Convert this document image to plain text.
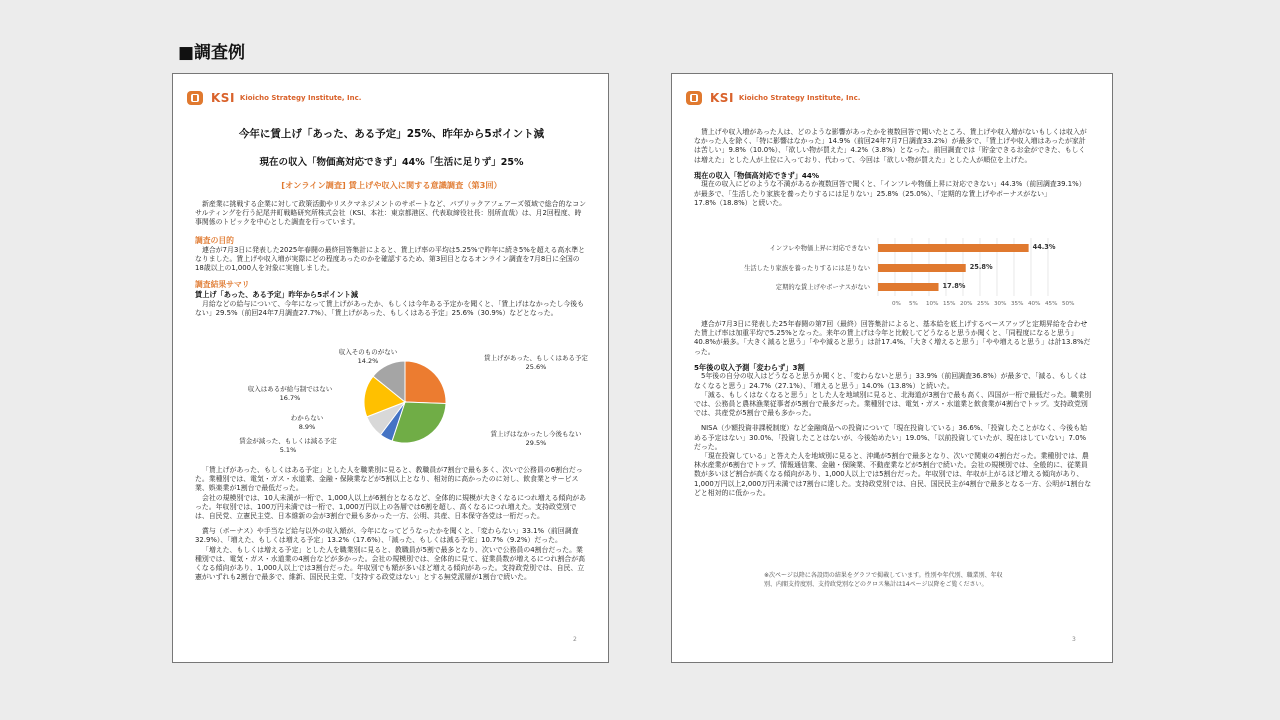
■調査例
KSI Kioicho Strategy Institute, Inc.
今年に賃上げ「あった、ある予定」25%、昨年から5ポイント減
現在の収入「物価高対応できず」44%「生活に足りず」25%
[オンライン調査] 賃上げや収入に関する意識調査（第3回）

新産業に挑戦する企業に対して政策活動やリスクマネジメントのサポートなど、パブリックアフェアーズ領域で総合的なコンサルティングを行う紀尾井町戦略研究所株式会社（KSI、本社：東京都港区、代表取締役社長：別所直哉）は、月2回程度、時事関係のトピックを中心とした調査を行っています。

調査の目的

連合が7月3日に発表した2025年春闘の最終回答集計によると、賃上げ率の平均は5.25%で昨年に続き5%を超える高水準となりました。賃上げや収入増が実際にどの程度あったのかを確認するため、第3回目となるオンライン調査を7月8日に全国の18歳以上の1,000人を対象に実施しました。

調査結果サマリ
賃上げ「あった、ある予定」昨年から5ポイント減

月給などの給与について、今年になって賃上げがあったか、もしくは今年ある予定かを聞くと、「賃上げはなかったし今後もない」29.5%（前回24年7月調査27.7%）、「賃上げがあった、もしくはある予定」25.6%（30.9%）などとなった。

賃上げがあった、もしくはある予定
25.6%
賃上げはなかったし今後もない
29.5%
賃金が減った、もしくは減る予定
5.1%
わからない
8.9%
収入はあるが給与制ではない
16.7%
収入そのものがない
14.2%

「賃上げがあった、もしくはある予定」とした人を職業別に見ると、教職員が7割台で最も多く、次いで公務員の6割台だった。業種別では、電気・ガス・水道業、金融・保険業などが5割以上となり、相対的に高かったのに対し、飲食業とサービス業、娯楽業が1割台で最低だった。

会社の規模別では、10人未満が一桁で、1,000人以上が6割台となるなど、全体的に規模が大きくなるにつれ増える傾向があった。年収別では、100万円未満では一桁で、1,000万円以上の各層では6割を超し、高くなるにつれ増えた。支持政党別では、自民党、立憲民主党、日本維新の会が3割台で最も多かった一方、公明、共産、日本保守各党は一桁だった。

賞与（ボーナス）や手当など給与以外の収入額が、今年になってどうなったかを聞くと、「変わらない」33.1%（前回調査32.9%）、「増えた、もしくは増える予定」13.2%（17.6%）、「減った、もしくは減る予定」10.7%（9.2%）だった。

「増えた、もしくは増える予定」とした人を職業別に見ると、教職員が5割で最多となり、次いで公務員の4割台だった。業種別では、電気・ガス・水道業の4割台などが多かった。会社の規模別では、全体的に見て、従業員数が増えるにつれ割合が高くなる傾向があり、1,000人以上では3割台だった。年収別でも額が多いほど増える傾向があった。支持政党別では、自民、立憲がいずれも2割台で最多で、維新、国民民主党、「支持する政党はない」とする無党派層が1割台で続いた。

2
KSI Kioicho Strategy Institute, Inc.

賃上げや収入増があった人は、どのような影響があったかを複数回答で聞いたところ、賃上げや収入増がないもしくは収入がなかった人を除く、「特に影響はなかった」14.9%（前回24年7月7日調査33.2%）が最多で、「賃上げや収入増はあったが家計は苦しい」9.8%（10.0%）、「欲しい物が買えた」4.2%（3.8%）となった。前回調査では「貯金できるお金ができた、もしくは増えた」とした人が上位に入っており、代わって、今回は「欲しい物が買えた」とした人が順位を上げた。

現在の収入「物価高対応できず」44%

現在の収入にどのような不満があるか複数回答で聞くと、「インフレや物価上昇に対応できない」44.3%（前回調査39.1%）が最多で、「生活したり家族を養ったりするには足りない」25.8%（25.0%）、「定期的な賃上げやボーナスがない」17.8%（18.8%）と続いた。

インフレや物価上昇に対応できない
生活したり家族を養ったりするには足りない
定期的な賃上げやボーナスがない
44.3%
25.8%
17.8%
0% 5% 10% 15% 20% 25% 30% 35% 40% 45% 50%

連合が7月3日に発表した25年春闘の第7回（最終）回答集計によると、基本給を底上げするベースアップと定期昇給を合わせた賃上げ率は加重平均で5.25%となった。来年の賃上げは今年と比較してどうなると思うか聞くと、「同程度になると思う」40.8%が最多。「大きく減ると思う」「やや減ると思う」は計17.4%、「大きく増えると思う」「やや増えると思う」は計13.8%だった。

5年後の収入予測「変わらず」3割

5年後の自分の収入はどうなると思うか聞くと、「変わらないと思う」33.9%（前回調査36.8%）が最多で、「減る、もしくはなくなると思う」24.7%（27.1%）、「増えると思う」14.0%（13.8%）と続いた。

「減る、もしくはなくなると思う」とした人を地域別に見ると、北海道が3割台で最も高く、四国が一桁で最低だった。職業別では、公務員と農林漁業従事者が5割台で最多だった。業種別では、電気・ガス・水道業と飲食業が4割台でトップ。支持政党別では、共産党が5割台で最も多かった。

NISA（少額投資非課税制度）など金融商品への投資について「現在投資している」36.6%、「投資したことがなく、今後も始める予定はない」30.0%、「投資したことはないが、今後始めたい」19.0%、「以前投資していたが、現在はしていない」7.0%だった。

「現在投資している」と答えた人を地域別に見ると、沖縄が5割台で最多となり、次いで関東の4割台だった。業種別では、農林水産業が6割台でトップ、情報通信業、金融・保険業、不動産業などが5割台で続いた。会社の規模別では、全般的に、従業員数が多いほど割合が高くなる傾向があり、1,000人以上では5割台だった。年収別では、年収が上がるほど増える傾向があり、1,000万円以上2,000万円未満では7割台に達した。支持政党別では、自民、国民民主が4割台で最多となる一方、公明が1割台などと相対的に低かった。

※次ページ以降に各設問の結果をグラフで掲載しています。性別や年代別、職業別、年収別、内閣支持度別、支持政党別などのクロス集計は14ページ以降をご覧ください。
3
